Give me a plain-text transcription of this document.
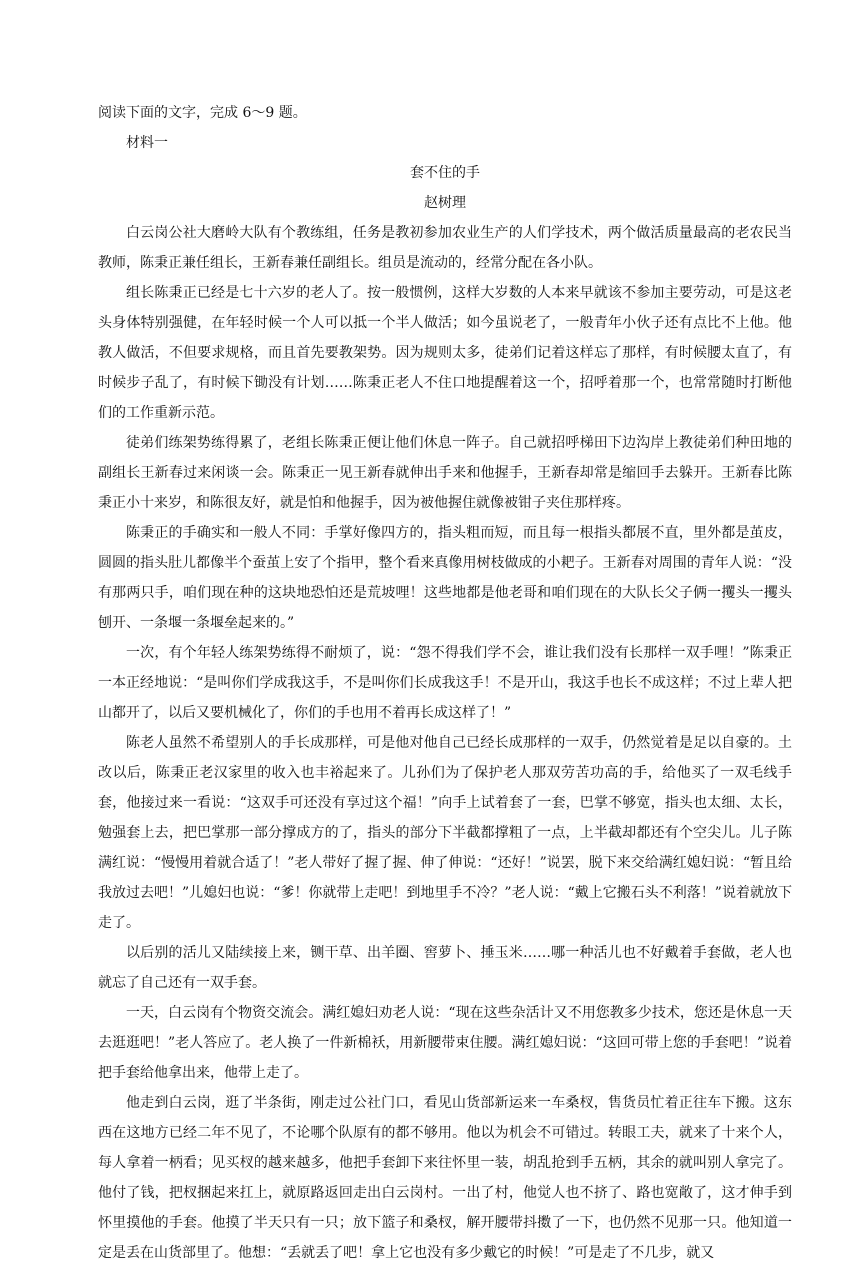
阅读下面的文字，完成 6～9 题。
材料一
套不住的手
赵树理

白云岗公社大磨岭大队有个教练组，任务是教初参加农业生产的人们学技术，两个做活质量最高的老农民当教师，陈秉正兼任组长，王新春兼任副组长。组员是流动的，经常分配在各小队。

组长陈秉正已经是七十六岁的老人了。按一般惯例，这样大岁数的人本来早就该不参加主要劳动，可是这老头身体特别强健，在年轻时候一个人可以抵一个半人做活；如今虽说老了，一般青年小伙子还有点比不上他。他教人做活，不但要求规格，而且首先要教架势。因为规则太多，徒弟们记着这样忘了那样，有时候腰太直了，有时候步子乱了，有时候下锄没有计划……陈秉正老人不住口地提醒着这一个，招呼着那一个，也常常随时打断他们的工作重新示范。

徒弟们练架势练得累了，老组长陈秉正便让他们休息一阵子。自己就招呼梯田下边沟岸上教徒弟们种田地的副组长王新春过来闲谈一会。陈秉正一见王新春就伸出手来和他握手，王新春却常是缩回手去躲开。王新春比陈秉正小十来岁，和陈很友好，就是怕和他握手，因为被他握住就像被钳子夹住那样疼。

陈秉正的手确实和一般人不同：手掌好像四方的，指头粗而短，而且每一根指头都展不直，里外都是茧皮，圆圆的指头肚儿都像半个蚕茧上安了个指甲，整个看来真像用树枝做成的小耙子。王新春对周围的青年人说：“没有那两只手，咱们现在种的这块地恐怕还是荒坡哩！这些地都是他老哥和咱们现在的大队长父子俩一攫头一攫头刨开、一条堰一条堰垒起来的。”

一次，有个年轻人练架势练得不耐烦了，说：“怨不得我们学不会，谁让我们没有长那样一双手哩！”陈秉正一本正经地说：“是叫你们学成我这手，不是叫你们长成我这手！不是开山，我这手也长不成这样；不过上辈人把山都开了，以后又要机械化了，你们的手也用不着再长成这样了！”

陈老人虽然不希望别人的手长成那样，可是他对他自己已经长成那样的一双手，仍然觉着是足以自豪的。土改以后，陈秉正老汉家里的收入也丰裕起来了。儿孙们为了保护老人那双劳苦功高的手，给他买了一双毛线手套，他接过来一看说：“这双手可还没有享过这个福！”向手上试着套了一套，巴掌不够宽，指头也太细、太长，勉强套上去，把巴掌那一部分撑成方的了，指头的部分下半截都撑粗了一点，上半截却都还有个空尖儿。儿子陈满红说：“慢慢用着就合适了！”老人带好了握了握、伸了伸说：“还好！”说罢，脱下来交给满红媳妇说：“暂且给我放过去吧！”儿媳妇也说：“爹！你就带上走吧！到地里手不冷？”老人说：“戴上它搬石头不利落！”说着就放下走了。

以后别的活儿又陆续接上来，铡干草、出羊圈、窖萝卜、捶玉米……哪一种活儿也不好戴着手套做，老人也就忘了自己还有一双手套。

一天，白云岗有个物资交流会。满红媳妇劝老人说：“现在这些杂活计又不用您教多少技术，您还是休息一天去逛逛吧！”老人答应了。老人换了一件新棉袄，用新腰带束住腰。满红媳妇说：“这回可带上您的手套吧！”说着把手套给他拿出来，他带上走了。

他走到白云岗，逛了半条街，刚走过公社门口，看见山货部新运来一车桑杈，售货员忙着正往车下搬。这东西在这地方已经二年不见了，不论哪个队原有的都不够用。他以为机会不可错过。转眼工夫，就来了十来个人，每人拿着一柄看；见买杈的越来越多，他把手套卸下来往怀里一装，胡乱抢到手五柄，其余的就叫别人拿完了。他付了钱，把杈捆起来扛上，就原路返回走出白云岗村。一出了村，他觉人也不挤了、路也宽敞了，这才伸手到怀里摸他的手套。他摸了半天只有一只；放下篮子和桑杈，解开腰带抖擞了一下，也仍然不见那一只。他知道一定是丢在山货部里了。他想：“丢就丢了吧！拿上它也没有多少戴它的时候！”可是走了不几步，就又
